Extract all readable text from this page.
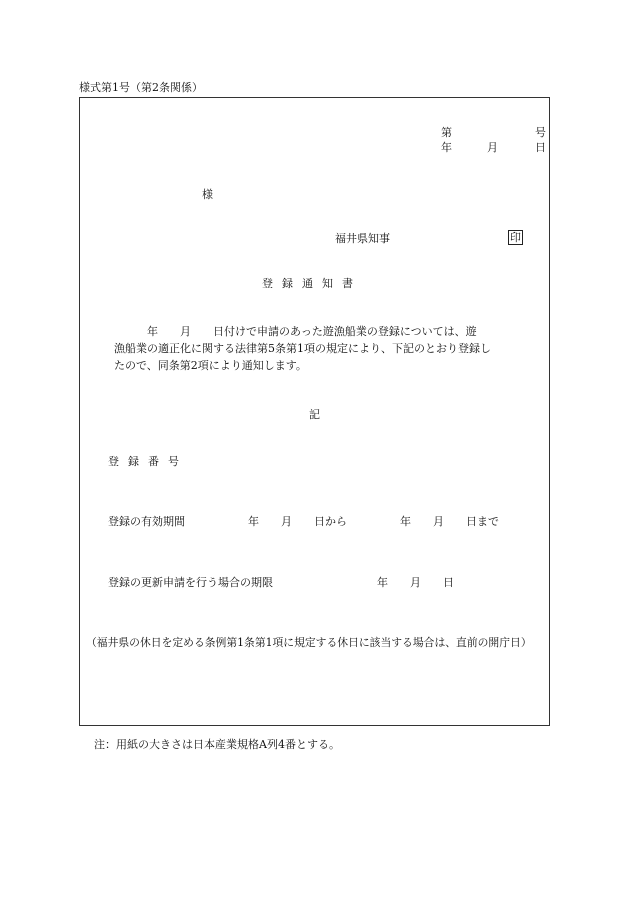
様式第1号（第2条関係）
第	号
年	月	日
様
福井県知事	印
登録通知書
　　　年　　月　　日付けで申請のあった遊漁船業の登録については、遊
漁船業の適正化に関する法律第5条第1項の規定により、下記のとおり登録し
たので、同条第2項により通知します。
記
登録番号
登録の有効期間	年　　月　　日から	年　　月　　日まで
登録の更新申請を行う場合の期限	年　　月　　日
（福井県の休日を定める条例第1条第1項に規定する休日に該当する場合は、直前の開庁日）
注：用紙の大きさは日本産業規格A列4番とする。
